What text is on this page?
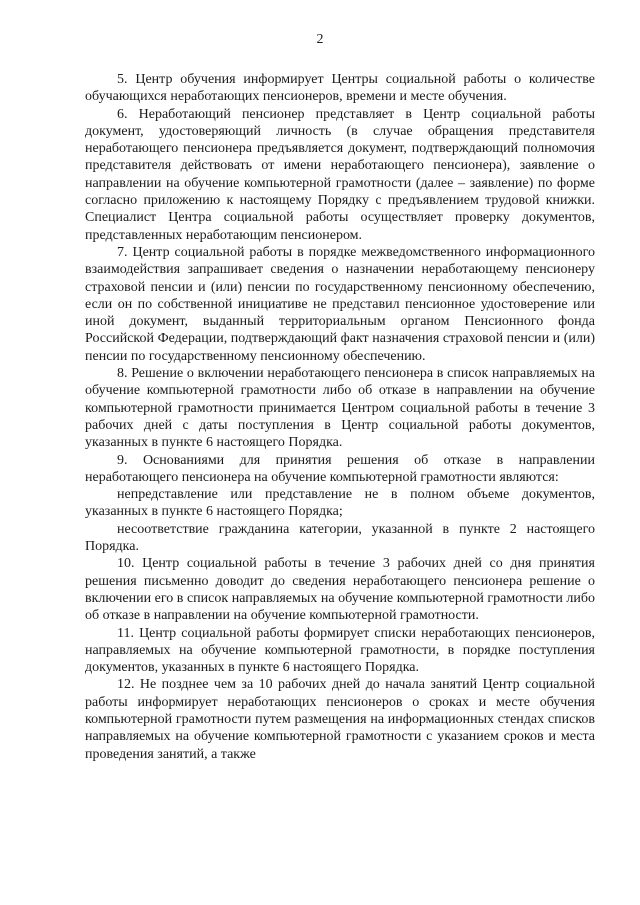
2

5. Центр обучения информирует Центры социальной работы о количестве обучающихся неработающих пенсионеров, времени и месте обучения.

6. Неработающий пенсионер представляет в Центр социальной работы документ, удостоверяющий личность (в случае обращения представителя неработающего пенсионера предъявляется документ, подтверждающий полномочия представителя действовать от имени неработающего пенсионера), заявление о направлении на обучение компьютерной грамотности (далее – заявление) по форме согласно приложению к настоящему Порядку с предъявлением трудовой книжки. Специалист Центра социальной работы осуществляет проверку документов, представленных неработающим пенсионером.

7. Центр социальной работы в порядке межведомственного информационного взаимодействия запрашивает сведения о назначении неработающему пенсионеру страховой пенсии и (или) пенсии по государственному пенсионному обеспечению, если он по собственной инициативе не представил пенсионное удостоверение или иной документ, выданный территориальным органом Пенсионного фонда Российской Федерации, подтверждающий факт назначения страховой пенсии и (или) пенсии по государственному пенсионному обеспечению.

8. Решение о включении неработающего пенсионера в список направляемых на обучение компьютерной грамотности либо об отказе в направлении на обучение компьютерной грамотности принимается Центром социальной работы в течение 3 рабочих дней с даты поступления в Центр социальной работы документов, указанных в пункте 6 настоящего Порядка.

9. Основаниями для принятия решения об отказе в направлении неработающего пенсионера на обучение компьютерной грамотности являются:

непредставление или представление не в полном объеме документов, указанных в пункте 6 настоящего Порядка;

несоответствие гражданина категории, указанной в пункте 2 настоящего Порядка.

10. Центр социальной работы в течение 3 рабочих дней со дня принятия решения письменно доводит до сведения неработающего пенсионера решение о включении его в список направляемых на обучение компьютерной грамотности либо об отказе в направлении на обучение компьютерной грамотности.

11. Центр социальной работы формирует списки неработающих пенсионеров, направляемых на обучение компьютерной грамотности, в порядке поступления документов, указанных в пункте 6 настоящего Порядка.

12. Не позднее чем за 10 рабочих дней до начала занятий Центр социальной работы информирует неработающих пенсионеров о сроках и месте обучения компьютерной грамотности путем размещения на информационных стендах списков направляемых на обучение компьютерной грамотности с указанием сроков и места проведения занятий, а также
